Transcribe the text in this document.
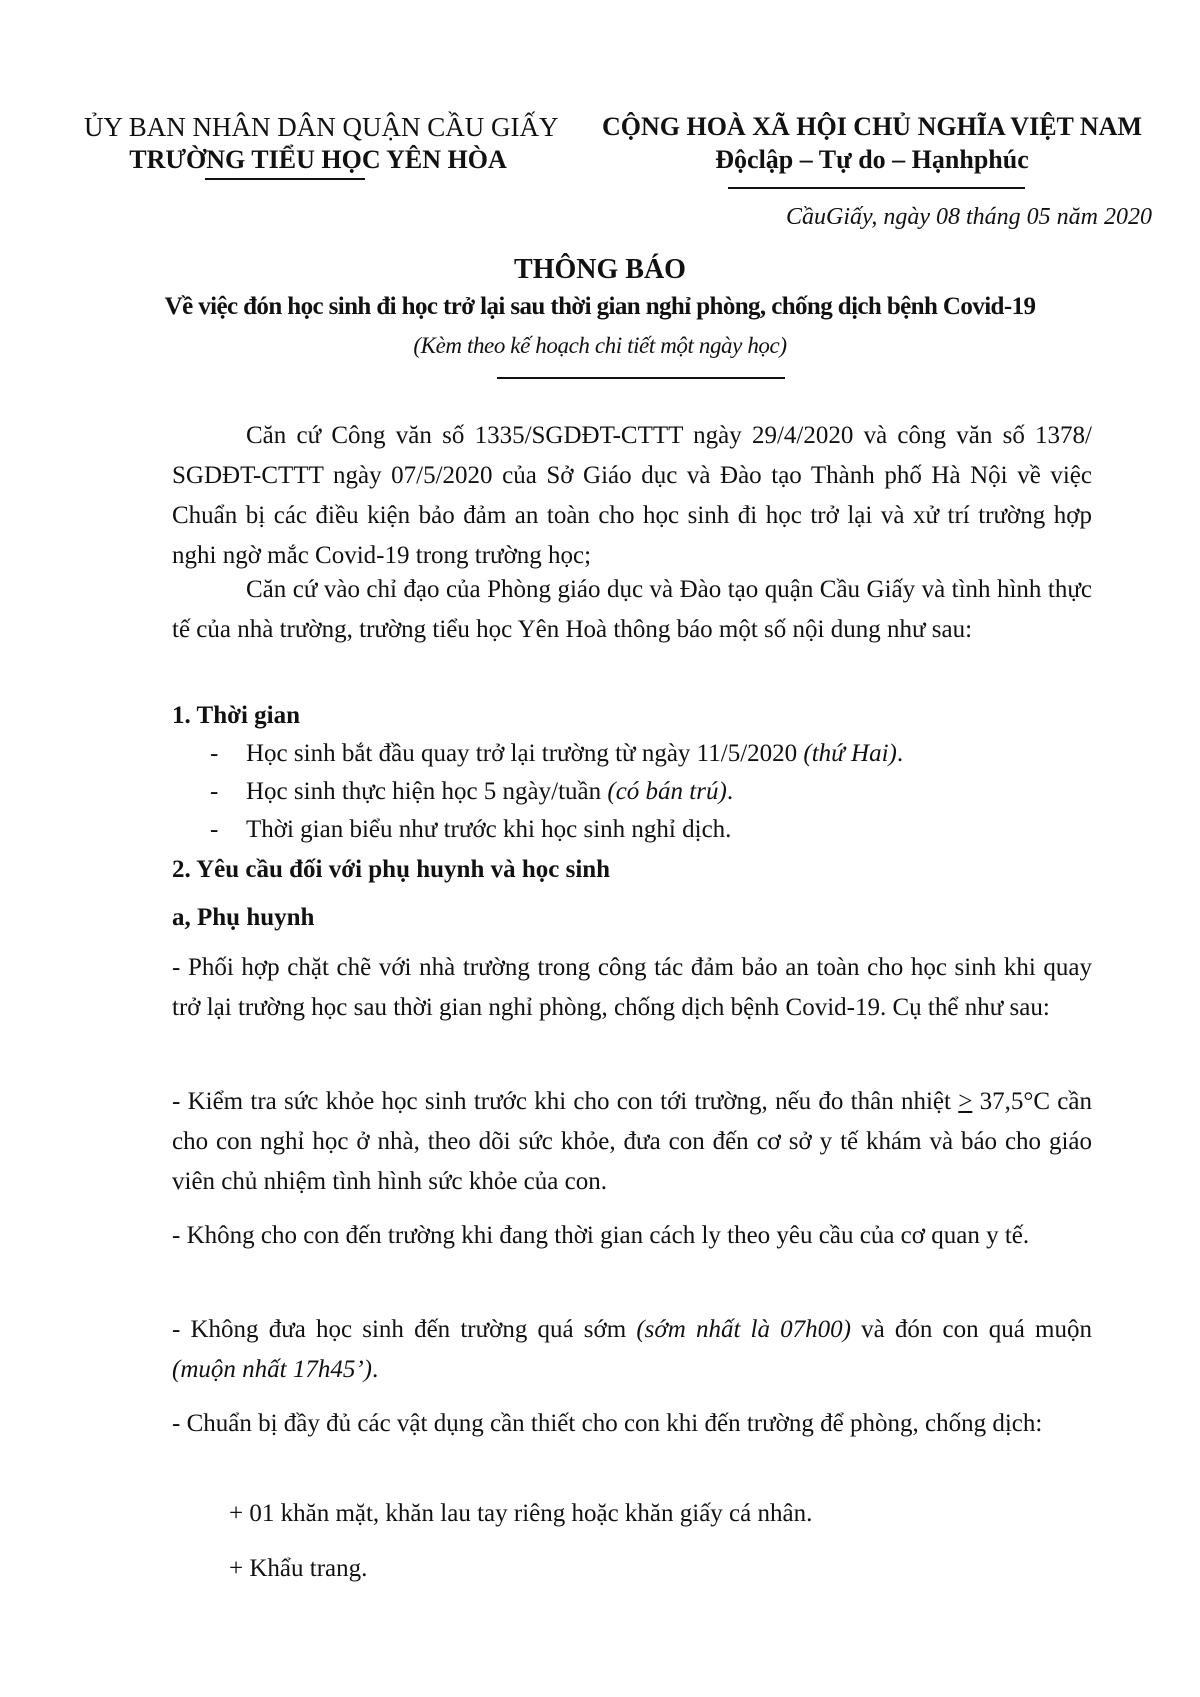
ỦY BAN NHÂN DÂN QUẬN CẦU GIẤY
TRƯỜNG TIỂU HỌC YÊN HÒA
CỘNG HOÀ XÃ HỘI CHỦ NGHĨA VIỆT NAM
Độclập – Tự do – Hạnhphúc
CầuGiấy, ngày 08 tháng 05 năm 2020
THÔNG BÁO
Về việc đón học sinh đi học trở lại sau thời gian nghỉ phòng, chống dịch bệnh Covid-19
(Kèm theo kế hoạch chi tiết một ngày học)
Căn cứ Công văn số 1335/SGDĐT-CTTT ngày 29/4/2020 và công văn số 1378/ SGDĐT-CTTT ngày 07/5/2020 của Sở Giáo dục và Đào tạo Thành phố Hà Nội về việc Chuẩn bị các điều kiện bảo đảm an toàn cho học sinh đi học trở lại và xử trí trường hợp nghi ngờ mắc Covid-19 trong trường học;
Căn cứ vào chỉ đạo của Phòng giáo dục và Đào tạo quận Cầu Giấy và tình hình thực tế của nhà trường, trường tiểu học Yên Hoà thông báo một số nội dung như sau:
1. Thời gian
- Học sinh bắt đầu quay trở lại trường từ ngày 11/5/2020 (thứ Hai).
- Học sinh thực hiện học 5 ngày/tuần (có bán trú).
- Thời gian biểu như trước khi học sinh nghỉ dịch.
2. Yêu cầu đối với phụ huynh và học sinh
a, Phụ huynh
- Phối hợp chặt chẽ với nhà trường trong công tác đảm bảo an toàn cho học sinh khi quay trở lại trường học sau thời gian nghỉ phòng, chống dịch bệnh Covid-19. Cụ thể như sau:
- Kiểm tra sức khỏe học sinh trước khi cho con tới trường, nếu đo thân nhiệt ≥ 37,5°C cần cho con nghỉ học ở nhà, theo dõi sức khỏe, đưa con đến cơ sở y tế khám và báo cho giáo viên chủ nhiệm tình hình sức khỏe của con.
- Không cho con đến trường khi đang thời gian cách ly theo yêu cầu của cơ quan y tế.
- Không đưa học sinh đến trường quá sớm (sớm nhất là 07h00) và đón con quá muộn (muộn nhất 17h45’).
- Chuẩn bị đầy đủ các vật dụng cần thiết cho con khi đến trường để phòng, chống dịch:
+ 01 khăn mặt, khăn lau tay riêng hoặc khăn giấy cá nhân.
+ Khẩu trang.
